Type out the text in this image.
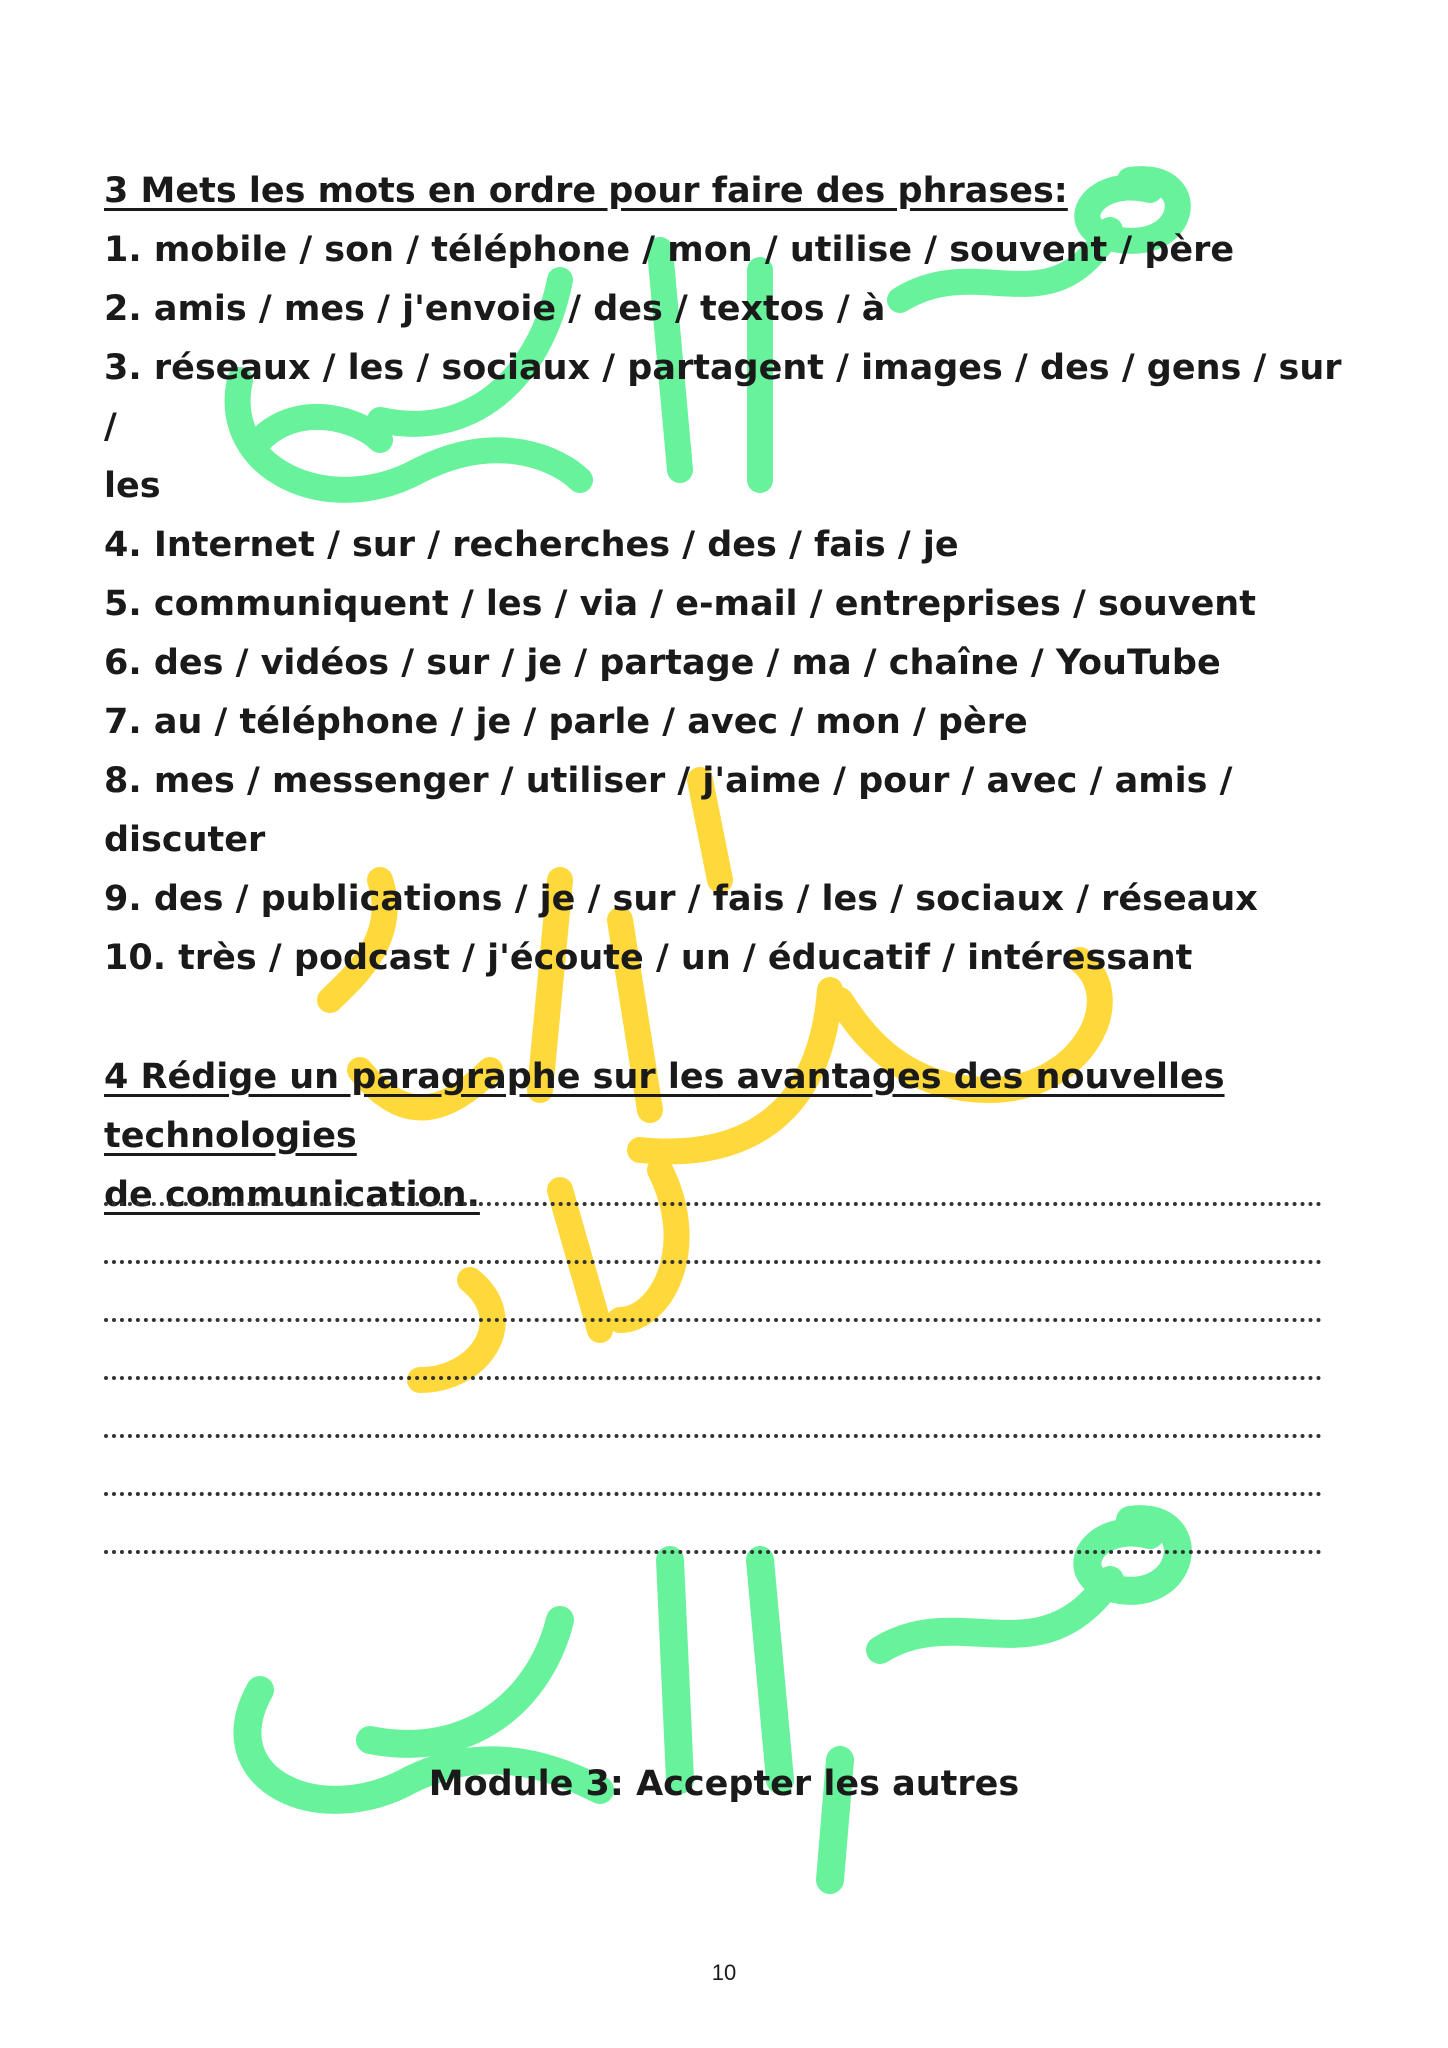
3 Mets les mots en ordre pour faire des phrases:

1. mobile / son / téléphone / mon / utilise / souvent / père

2. amis / mes / j'envoie / des / textos / à

3. réseaux / les / sociaux / partagent / images / des / gens / sur /

les

4. Internet / sur / recherches / des / fais / je

5. communiquent / les / via / e-mail / entreprises / souvent

6. des / vidéos / sur / je / partage / ma / chaîne / YouTube

7. au / téléphone / je / parle / avec / mon / père

8. mes / messenger / utiliser / j'aime / pour / avec / amis /

discuter

9. des / publications / je / sur / fais / les / sociaux / réseaux

10. très / podcast / j'écoute / un / éducatif / intéressant

4 Rédige un paragraphe sur les avantages des nouvelles technologies

de communication.

Module 3: Accepter les autres

10
